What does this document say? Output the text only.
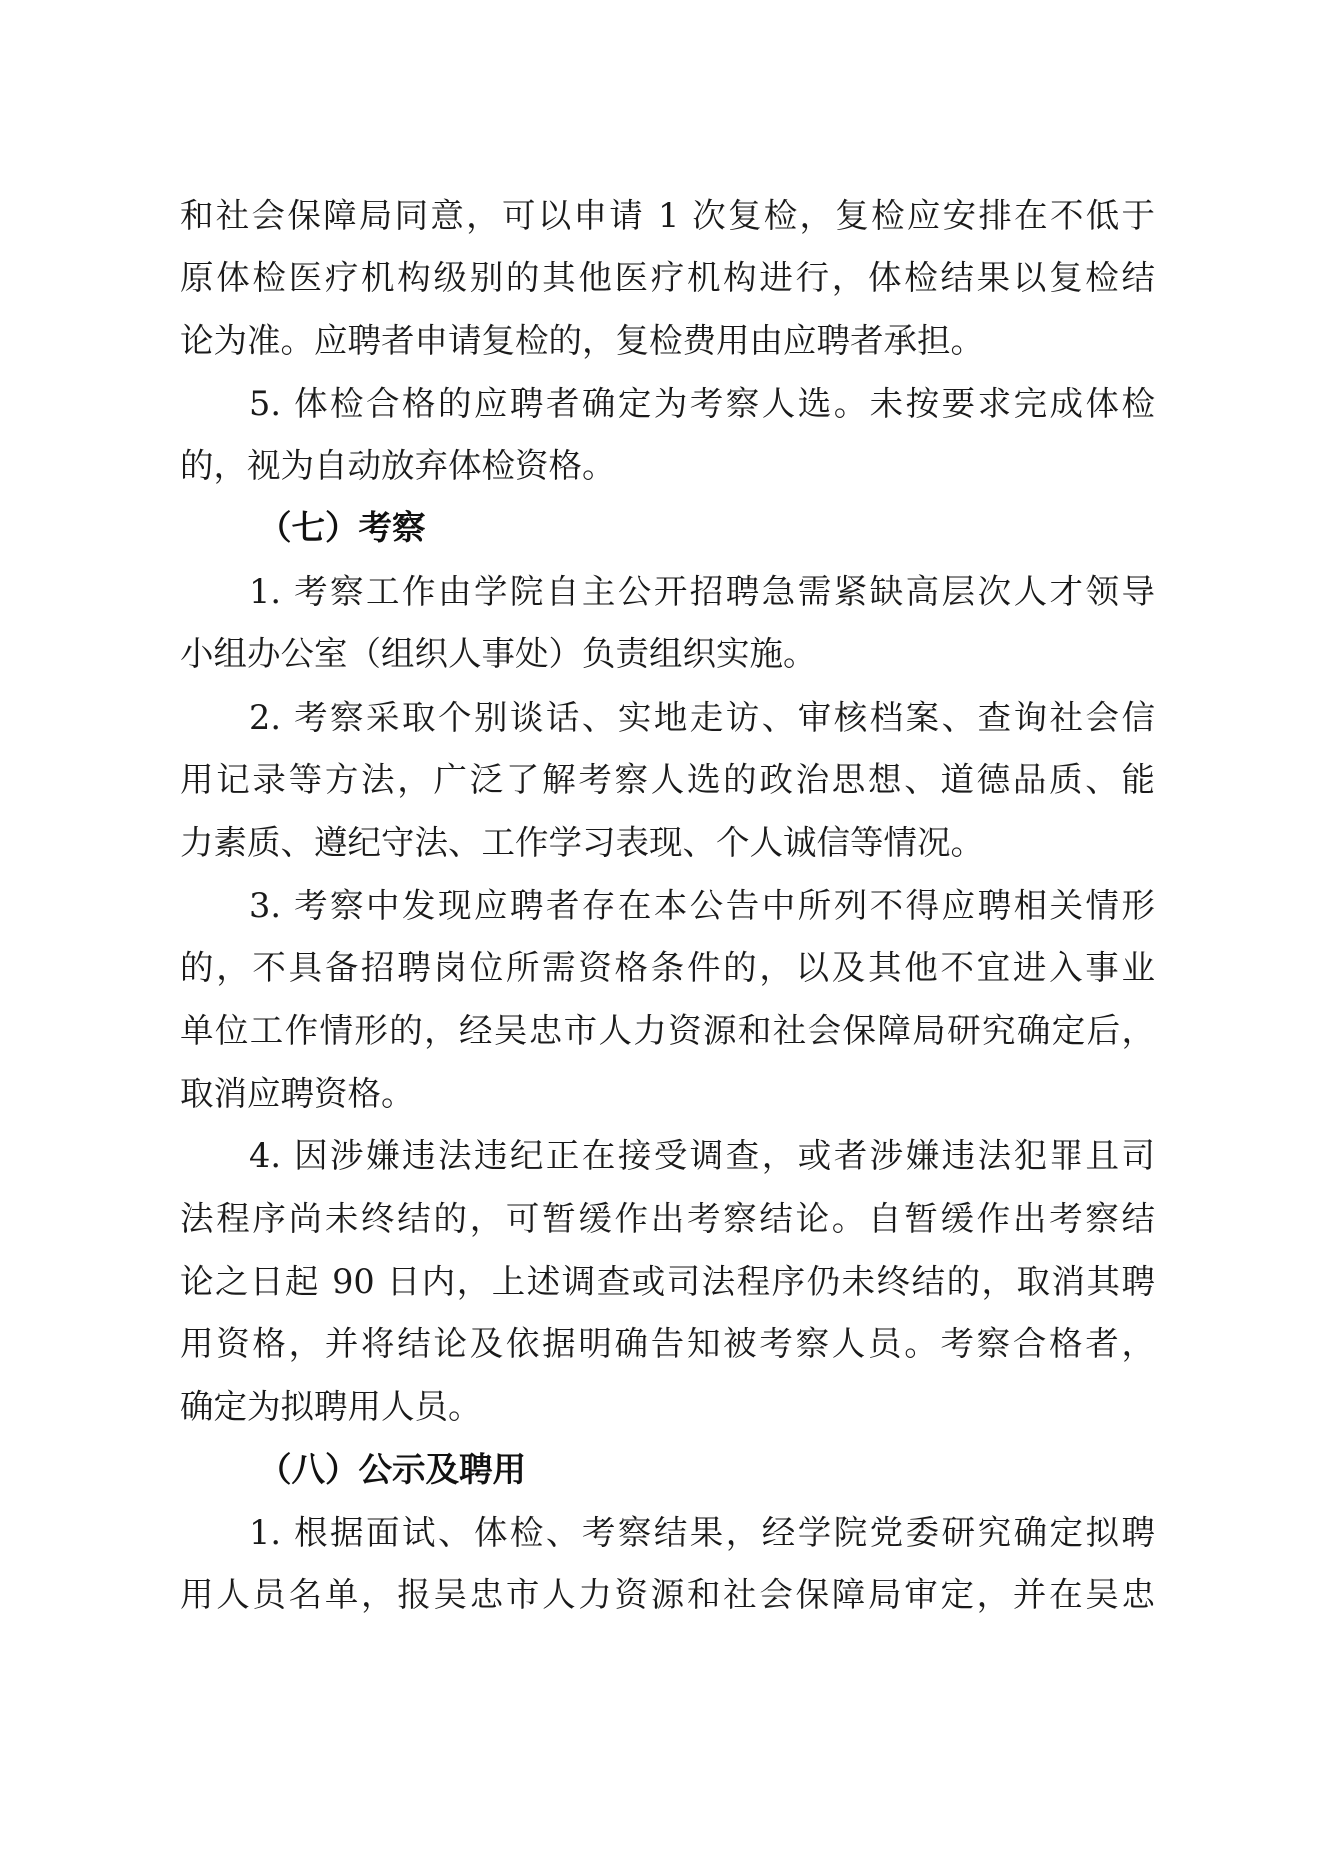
和社会保障局同意，可以申请 1 次复检，复检应安排在不低于
原体检医疗机构级别的其他医疗机构进行，体检结果以复检结
论为准。应聘者申请复检的，复检费用由应聘者承担。
5. 体检合格的应聘者确定为考察人选。未按要求完成体检
的，视为自动放弃体检资格。
（七）考察
1. 考察工作由学院自主公开招聘急需紧缺高层次人才领导
小组办公室（组织人事处）负责组织实施。
2. 考察采取个别谈话、实地走访、审核档案、查询社会信
用记录等方法，广泛了解考察人选的政治思想、道德品质、能
力素质、遵纪守法、工作学习表现、个人诚信等情况。
3. 考察中发现应聘者存在本公告中所列不得应聘相关情形
的，不具备招聘岗位所需资格条件的，以及其他不宜进入事业
单位工作情形的，经吴忠市人力资源和社会保障局研究确定后，
取消应聘资格。
4. 因涉嫌违法违纪正在接受调查，或者涉嫌违法犯罪且司
法程序尚未终结的，可暂缓作出考察结论。自暂缓作出考察结
论之日起 90 日内，上述调查或司法程序仍未终结的，取消其聘
用资格，并将结论及依据明确告知被考察人员。考察合格者，
确定为拟聘用人员。
（八）公示及聘用
1. 根据面试、体检、考察结果，经学院党委研究确定拟聘
用人员名单，报吴忠市人力资源和社会保障局审定，并在吴忠
